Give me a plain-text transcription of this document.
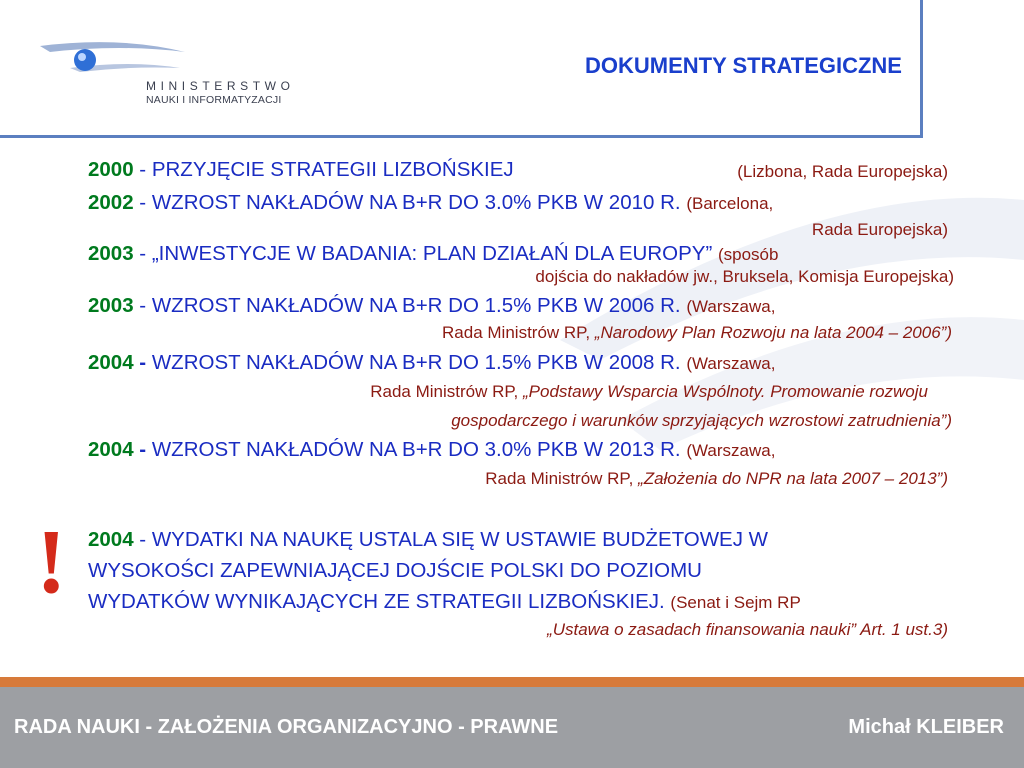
MINISTERSTWO
NAUKI I INFORMATYZACJI
DOKUMENTY STRATEGICZNE
2000 - PRZYJĘCIE STRATEGII LIZBOŃSKIEJ	(Lizbona, Rada Europejska)
2002 - WZROST NAKŁADÓW NA B+R DO 3.0% PKB W 2010 R. (Barcelona,
Rada Europejska)
2003 - „INWESTYCJE W BADANIA: PLAN DZIAŁAŃ DLA EUROPY” (sposób
dojścia do nakładów jw., Bruksela, Komisja Europejska)
2003 - WZROST NAKŁADÓW NA B+R DO 1.5% PKB W 2006 R. (Warszawa,
Rada Ministrów RP, „Narodowy Plan Rozwoju na lata 2004 – 2006”)
2004 - WZROST NAKŁADÓW NA B+R DO 1.5% PKB W 2008 R. (Warszawa,
Rada Ministrów RP, „Podstawy Wsparcia Wspólnoty. Promowanie rozwoju
gospodarczego i warunków sprzyjających wzrostowi zatrudnienia”)
2004 - WZROST NAKŁADÓW NA B+R DO 3.0% PKB W 2013 R. (Warszawa,
Rada Ministrów RP, „Założenia do NPR na lata 2007 – 2013”)
! 2004 - WYDATKI NA NAUKĘ USTALA SIĘ W USTAWIE BUDŻETOWEJ W
WYSOKOŚCI ZAPEWNIAJĄCEJ DOJŚCIE POLSKI DO POZIOMU
WYDATKÓW WYNIKAJĄCYCH ZE STRATEGII LIZBOŃSKIEJ. (Senat i Sejm RP
„Ustawa o zasadach finansowania nauki” Art. 1 ust.3)
RADA NAUKI - ZAŁOŻENIA ORGANIZACYJNO - PRAWNE	Michał KLEIBER
